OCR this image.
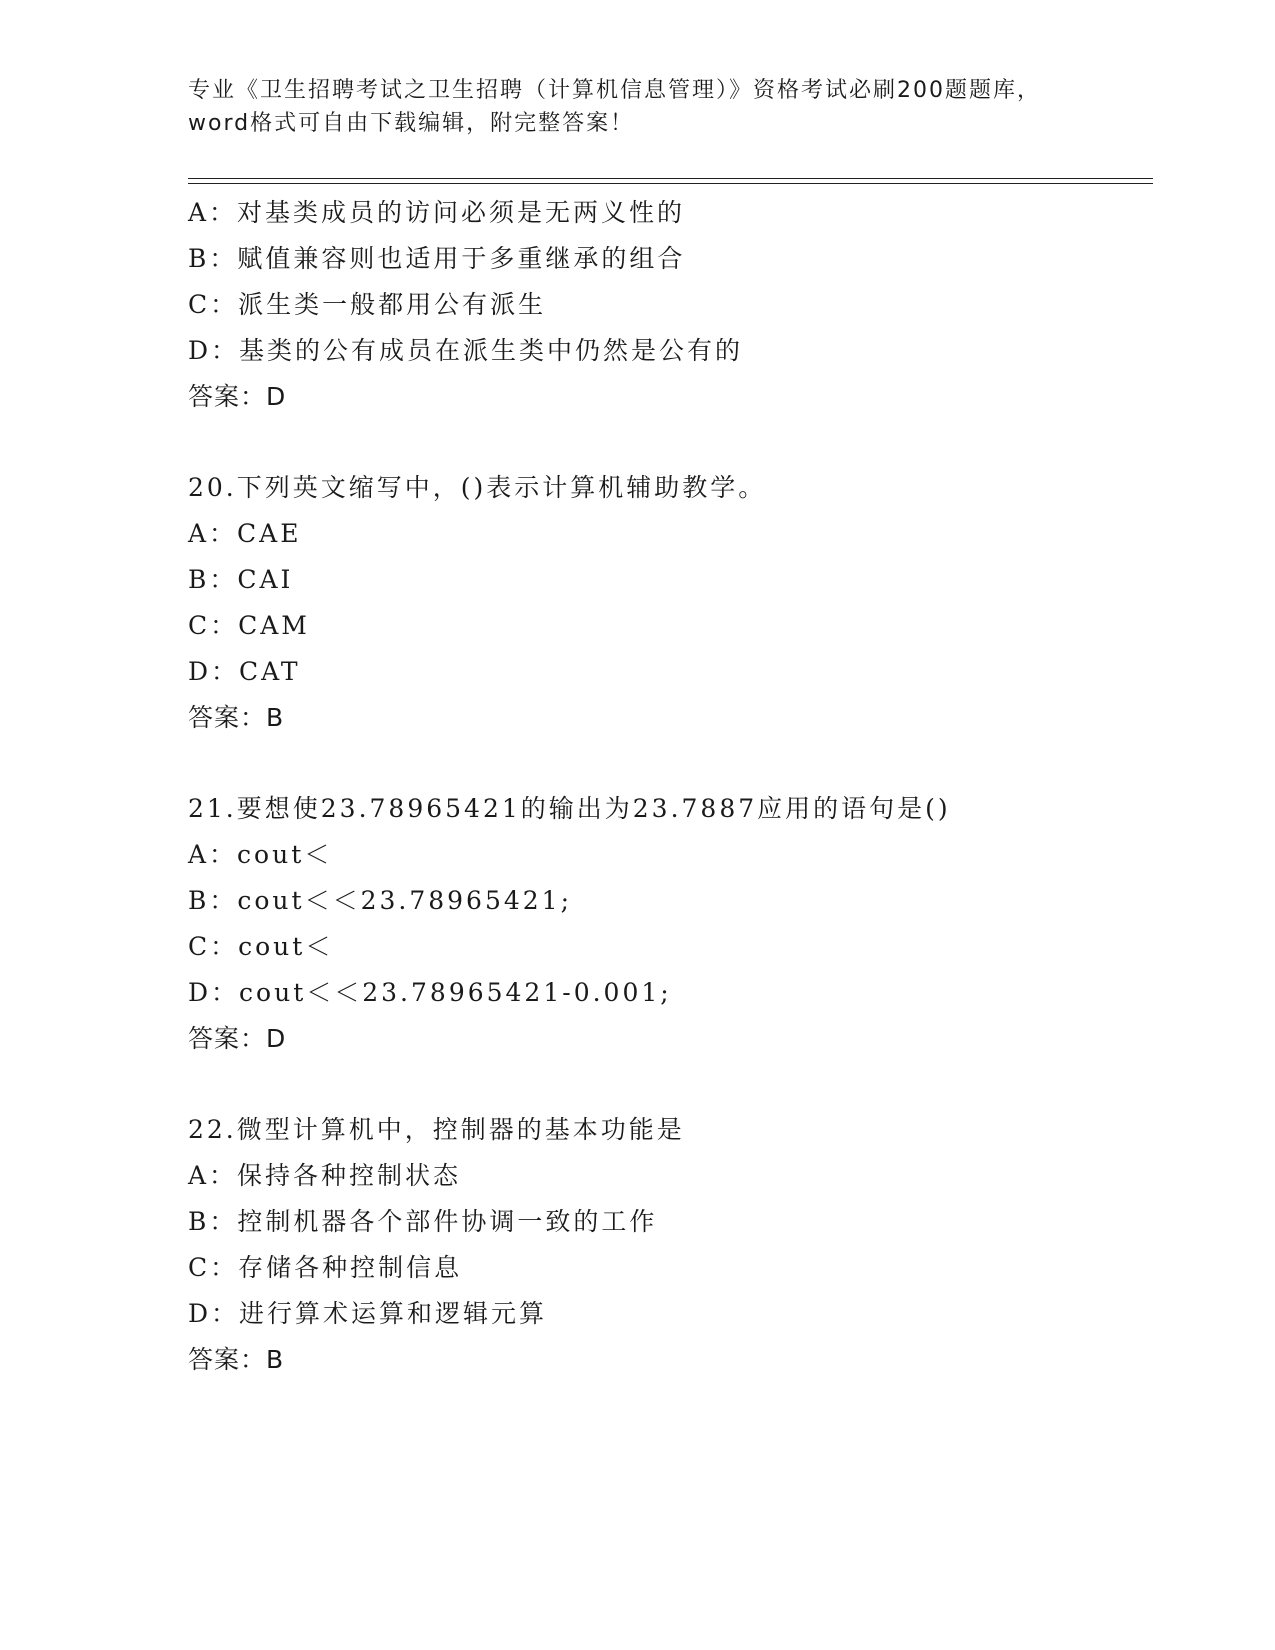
专业《卫生招聘考试之卫生招聘（计算机信息管理）》资格考试必刷200题题库，
word格式可自由下载编辑，附完整答案！
A：对基类成员的访问必须是无两义性的
B：赋值兼容则也适用于多重继承的组合
C：派生类一般都用公有派生
D：基类的公有成员在派生类中仍然是公有的
答案：D
20.下列英文缩写中，()表示计算机辅助教学。
A：CAE
B：CAI
C：CAM
D：CAT
答案：B
21.要想使23.78965421的输出为23.7887应用的语句是()
A：cout＜
B：cout＜＜23.78965421;
C：cout＜
D：cout＜＜23.78965421-0.001;
答案：D
22.微型计算机中，控制器的基本功能是
A：保持各种控制状态
B：控制机器各个部件协调一致的工作
C：存储各种控制信息
D：进行算术运算和逻辑元算
答案：B
